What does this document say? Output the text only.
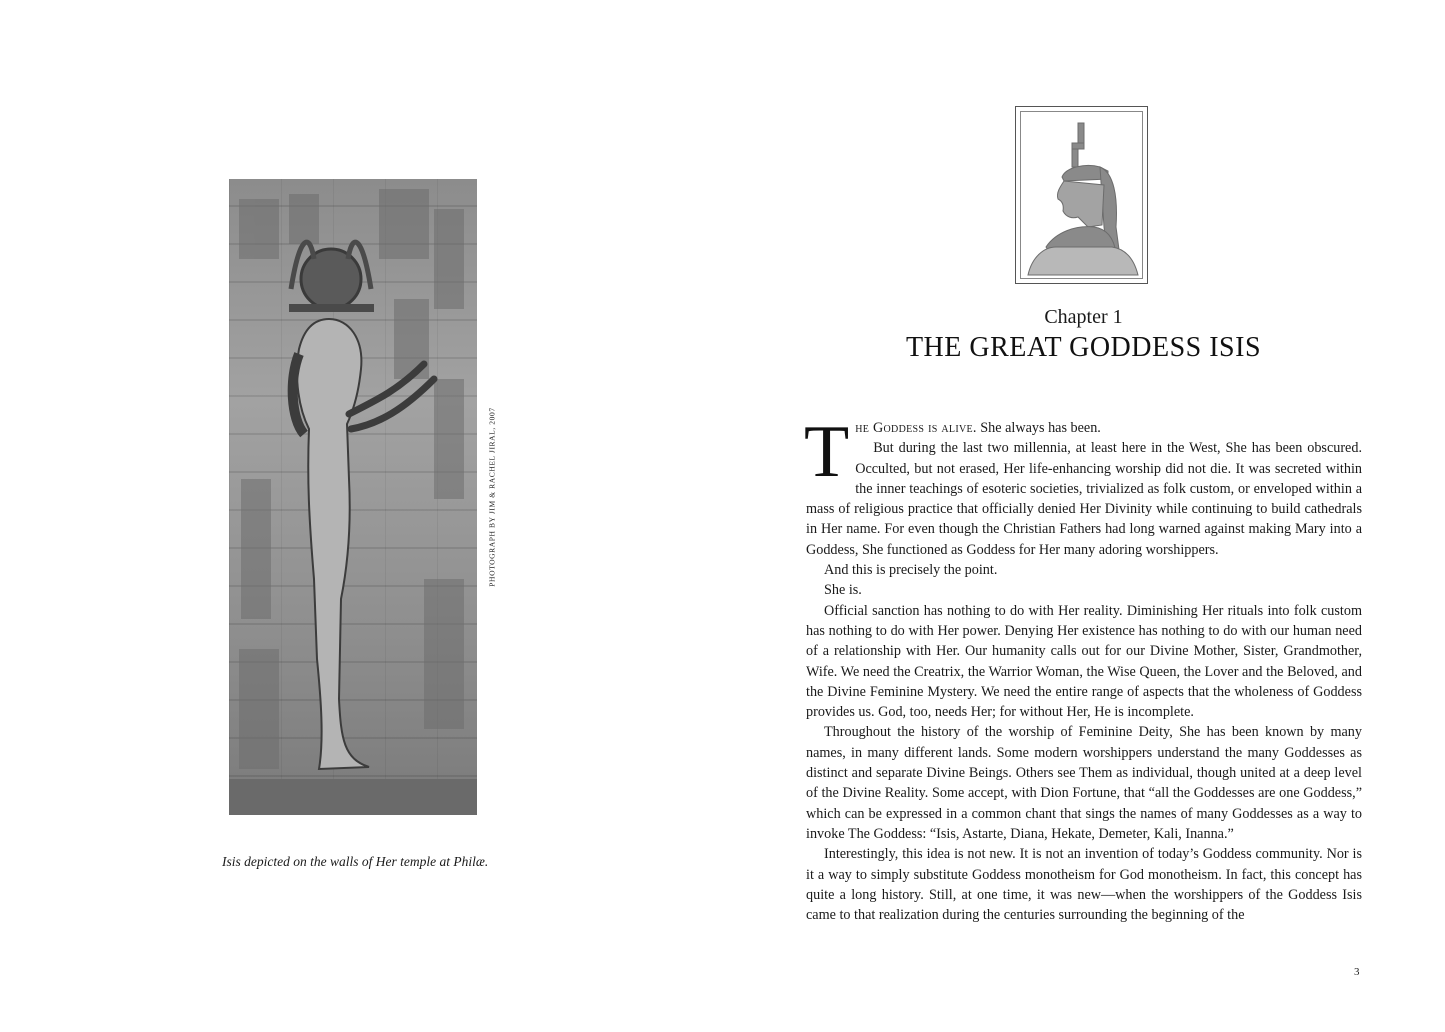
PHOTOGRAPH BY JIM & RACHEL JIRAL, 2007
Isis depicted on the walls of Her temple at Philæ.
Chapter 1
THE GREAT GODDESS ISIS

The Goddess is alive. She always has been.

But during the last two millennia, at least here in the West, She has been obscured. Occulted, but not erased, Her life-enhancing worship did not die. It was secreted within the inner teachings of esoteric societies, trivialized as folk custom, or enveloped within a mass of religious practice that officially denied Her Divinity while continuing to build cathedrals in Her name. For even though the Christian Fathers had long warned against making Mary into a Goddess, She functioned as Goddess for Her many adoring worshippers.

And this is precisely the point.

She is.

Official sanction has nothing to do with Her reality. Diminishing Her rituals into folk custom has nothing to do with Her power. Denying Her existence has nothing to do with our human need of a relationship with Her. Our humanity calls out for our Divine Mother, Sister, Grandmother, Wife. We need the Creatrix, the Warrior Woman, the Wise Queen, the Lover and the Beloved, and the Divine Feminine Mystery. We need the entire range of aspects that the wholeness of Goddess provides us. God, too, needs Her; for without Her, He is incomplete.

Throughout the history of the worship of Feminine Deity, She has been known by many names, in many different lands. Some modern worshippers understand the many Goddesses as distinct and separate Divine Beings. Others see Them as individual, though united at a deep level of the Divine Reality. Some accept, with Dion Fortune, that “all the Goddesses are one Goddess,” which can be expressed in a common chant that sings the names of many Goddesses as a way to invoke The Goddess: “Isis, Astarte, Diana, Hekate, Demeter, Kali, Inanna.”

Interestingly, this idea is not new. It is not an invention of today’s Goddess community. Nor is it a way to simply substitute Goddess monotheism for God monotheism. In fact, this concept has quite a long history. Still, at one time, it was new—when the worshippers of the Goddess Isis came to that realization during the centuries surrounding the beginning of the

3
